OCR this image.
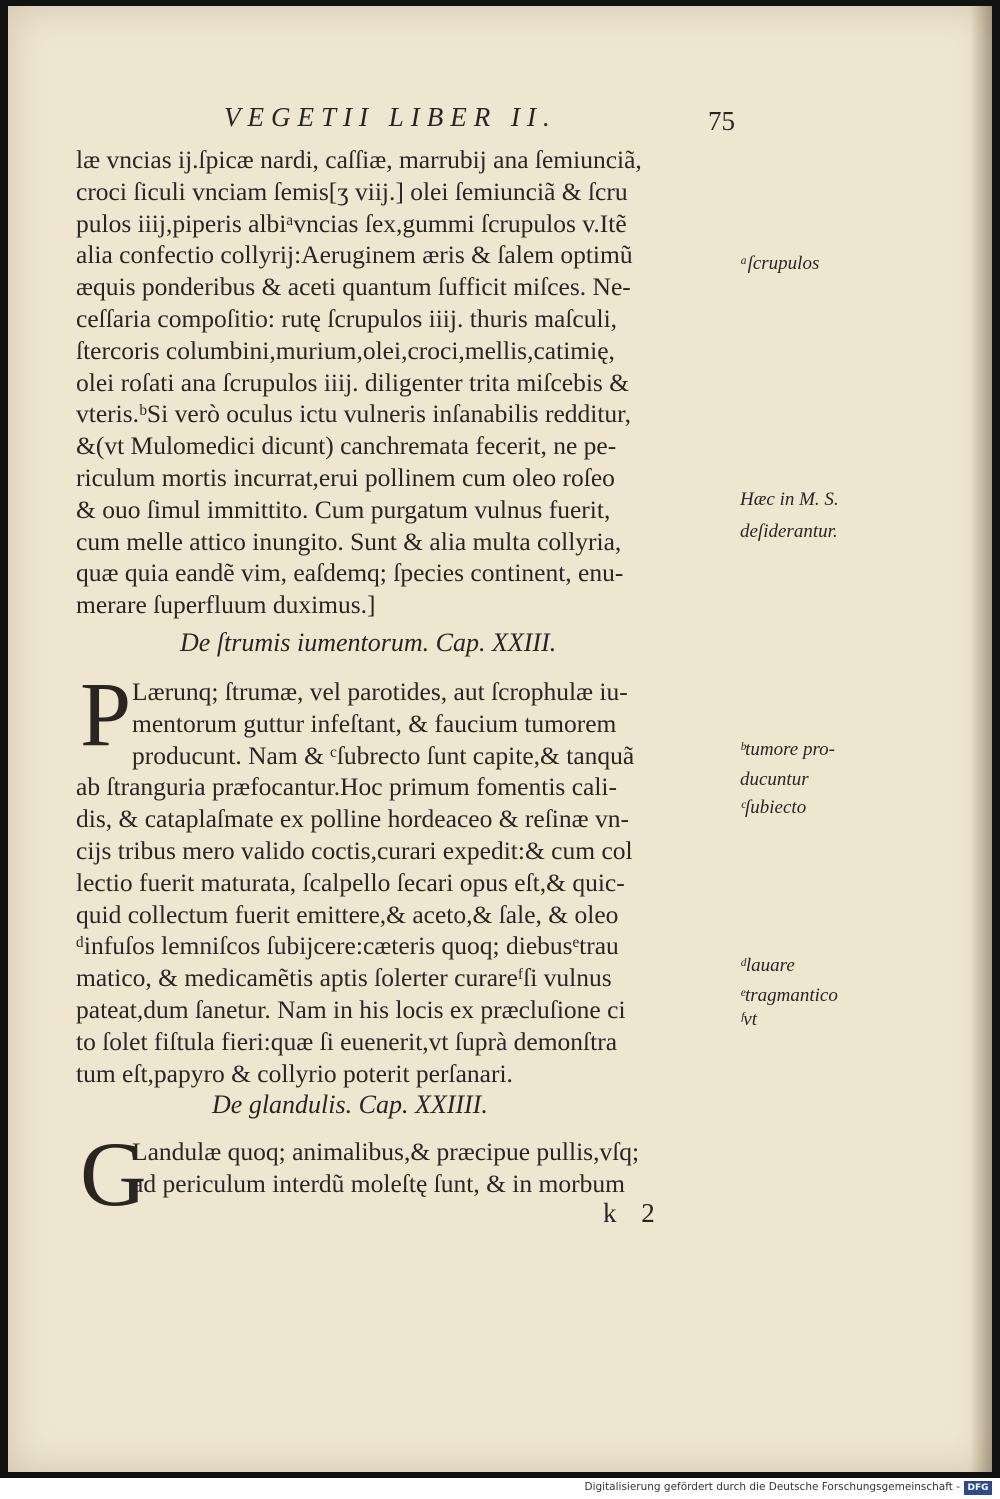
VEGETII LIBER II.	75
læ vncias ij.ſpicæ nardi, caſſiæ, marrubij ana ſemiunciã,
croci ſiculi vnciam ſemis[ʒ viij.] olei ſemiunciã & ſcru
pulos iiij,piperis albiᵃvncias ſex,gummi ſcrupulos v.Itẽ
alia confectio collyrij:Aeruginem æris & ſalem optimũ
æquis ponderibus & aceti quantum ſufficit miſces. Ne-
ceſſaria compoſitio: rutę ſcrupulos iiij. thuris maſculi,
ſtercoris columbini,murium,olei,croci,mellis,catimię,
olei roſati ana ſcrupulos iiij. diligenter trita miſcebis &
vteris.ᵇSi verò oculus ictu vulneris inſanabilis redditur,
&(vt Mulomedici dicunt) canchremata fecerit, ne pe-
riculum mortis incurrat,erui pollinem cum oleo roſeo
& ouo ſimul immittito. Cum purgatum vulnus fuerit,
cum melle attico inungito. Sunt & alia multa collyria,
quæ quia eandẽ vim, eaſdemq; ſpecies continent, enu-
merare ſuperfluum duximus.]
De ſtrumis iumentorum. Cap. XXIII.
P Lærunq; ſtrumæ, vel parotides, aut ſcrophulæ iu-
mentorum guttur infeſtant, & faucium tumorem
producunt. Nam & ᶜſubrecto ſunt capite,& tanquã
ab ſtranguria præfocantur.Hoc primum fomentis cali-
dis, & cataplaſmate ex polline hordeaceo & reſinæ vn-
cijs tribus mero valido coctis,curari expedit:& cum col
lectio fuerit maturata, ſcalpello ſecari opus eſt,& quic-
quid collectum fuerit emittere,& aceto,& ſale, & oleo
ᵈinfuſos lemniſcos ſubijcere:cæteris quoq; diebusᵉtrau
matico, & medicamẽtis aptis ſolerter curareᶠſi vulnus
pateat,dum ſanetur. Nam in his locis ex præcluſione ci
to ſolet fiſtula fieri:quæ ſi euenerit,vt ſuprà demonſtra
tum eſt,papyro & collyrio poterit perſanari.
De glandulis. Cap. XXIIII.
G
Landulæ quoq; animalibus,& præcipue pullis,vſq;
ad periculum interdũ moleſtę ſunt, & in morbum
k 2
ᵃſcrupulos
Hæc in M. S.
deſiderantur.
ᵇtumore pro-
ducuntur
ᶜſubiecto
ᵈlauare
ᵉtragmantico
ᶠvt
Digitalisierung gefördert durch die Deutsche Forschungsgemeinschaft - DFG
